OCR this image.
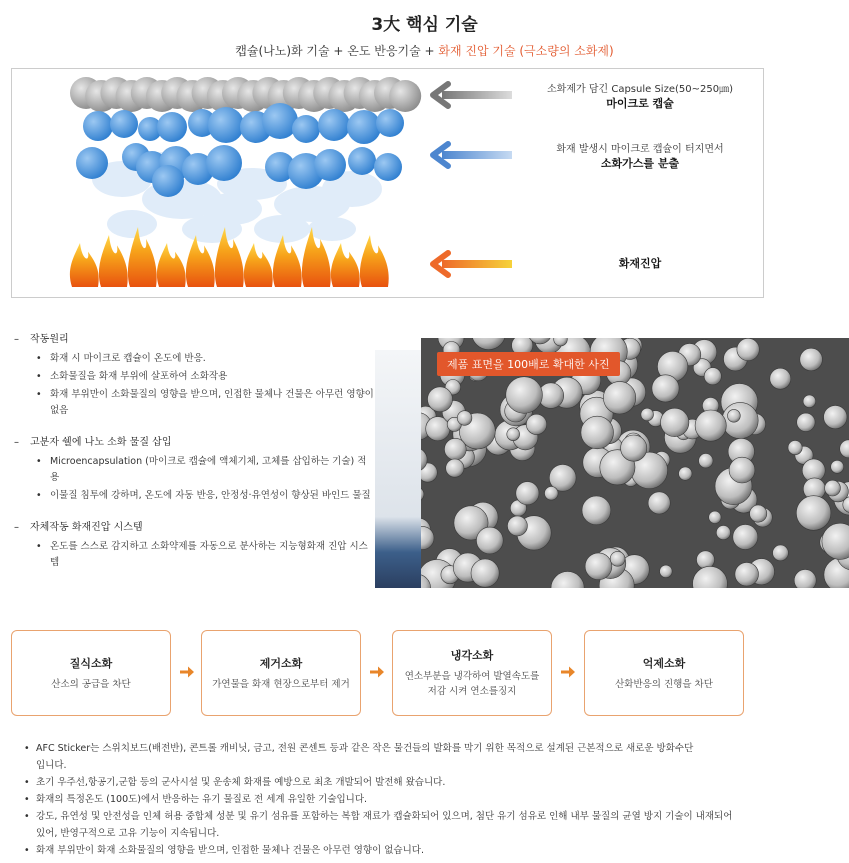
3大 핵심 기술
캡슐(나노)화 기술 + 온도 반응기술 + 화재 진압 기술 (극소량의 소화제)
소화제가 담긴 Capsule Size(50~250㎛)
마이크로 캡슐
화재 발생시 마이크로 캡슐이 터지면서
소화가스를 분출
화재진압
– 작동원리
• 화재 시 마이크로 캡슐이 온도에 반응.
• 소화물질을 화재 부위에 살포하여 소화작용
• 화재 부위만이 소화물질의 영향을 받으며, 인접한 물체나 건물은 아무런 영향이 없음
– 고분자 쉘에 나노 소화 물질 삽입
• Microencapsulation (마이크로 캡슐에 액체기체, 고체를 삽입하는 기술) 적용
• 이물질 침투에 강하며, 온도에 자동 반응, 안정성·유연성이 향상된 바인드 물질
– 자체작동 화재진압 시스템
• 온도를 스스로 감지하고 소화약제를 자동으로 분사하는 지능형화재 진압 시스템
제품 표면을 100배로 확대한 사진
질식소화
산소의 공급을 차단
제거소화
가연물을 화재 현장으로부터 제거
냉각소화
연소부분을 냉각하여 발열속도를 저감 시켜 연소를징지
억제소화
산화반응의 진행을 차단
• AFC Sticker는 스위치보드(배전반), 콘트롤 캐비닛, 금고, 전원 콘센트 등과 같은 작은 물건들의 발화를 막기 위한 목적으로 설계된 근본적으로 새로운 방화수단입니다.
• 초기 우주선,항공기,군함 등의 군사시설 및 운송체 화재를 예방으로 최초 개발되어 발전해 왔습니다.
• 화재의 특정온도 (100도)에서 반응하는 유기 물질로 전 세계 유일한 기술입니다.
• 강도, 유연성 및 안전성을 인체 허용 중합체 성분 및 유기 섬유를 포함하는 복합 재료가 캡슐화되어 있으며, 첨단 유기 섬유로 인해 내부 물질의 균열 방지 기술이 내재되어 있어, 반영구적으로 고유 기능이 지속됩니다.
• 화재 부위만이 화재 소화물질의 영향을 받으며, 인접한 물체나 건물은 아무런 영향이 없습니다.
